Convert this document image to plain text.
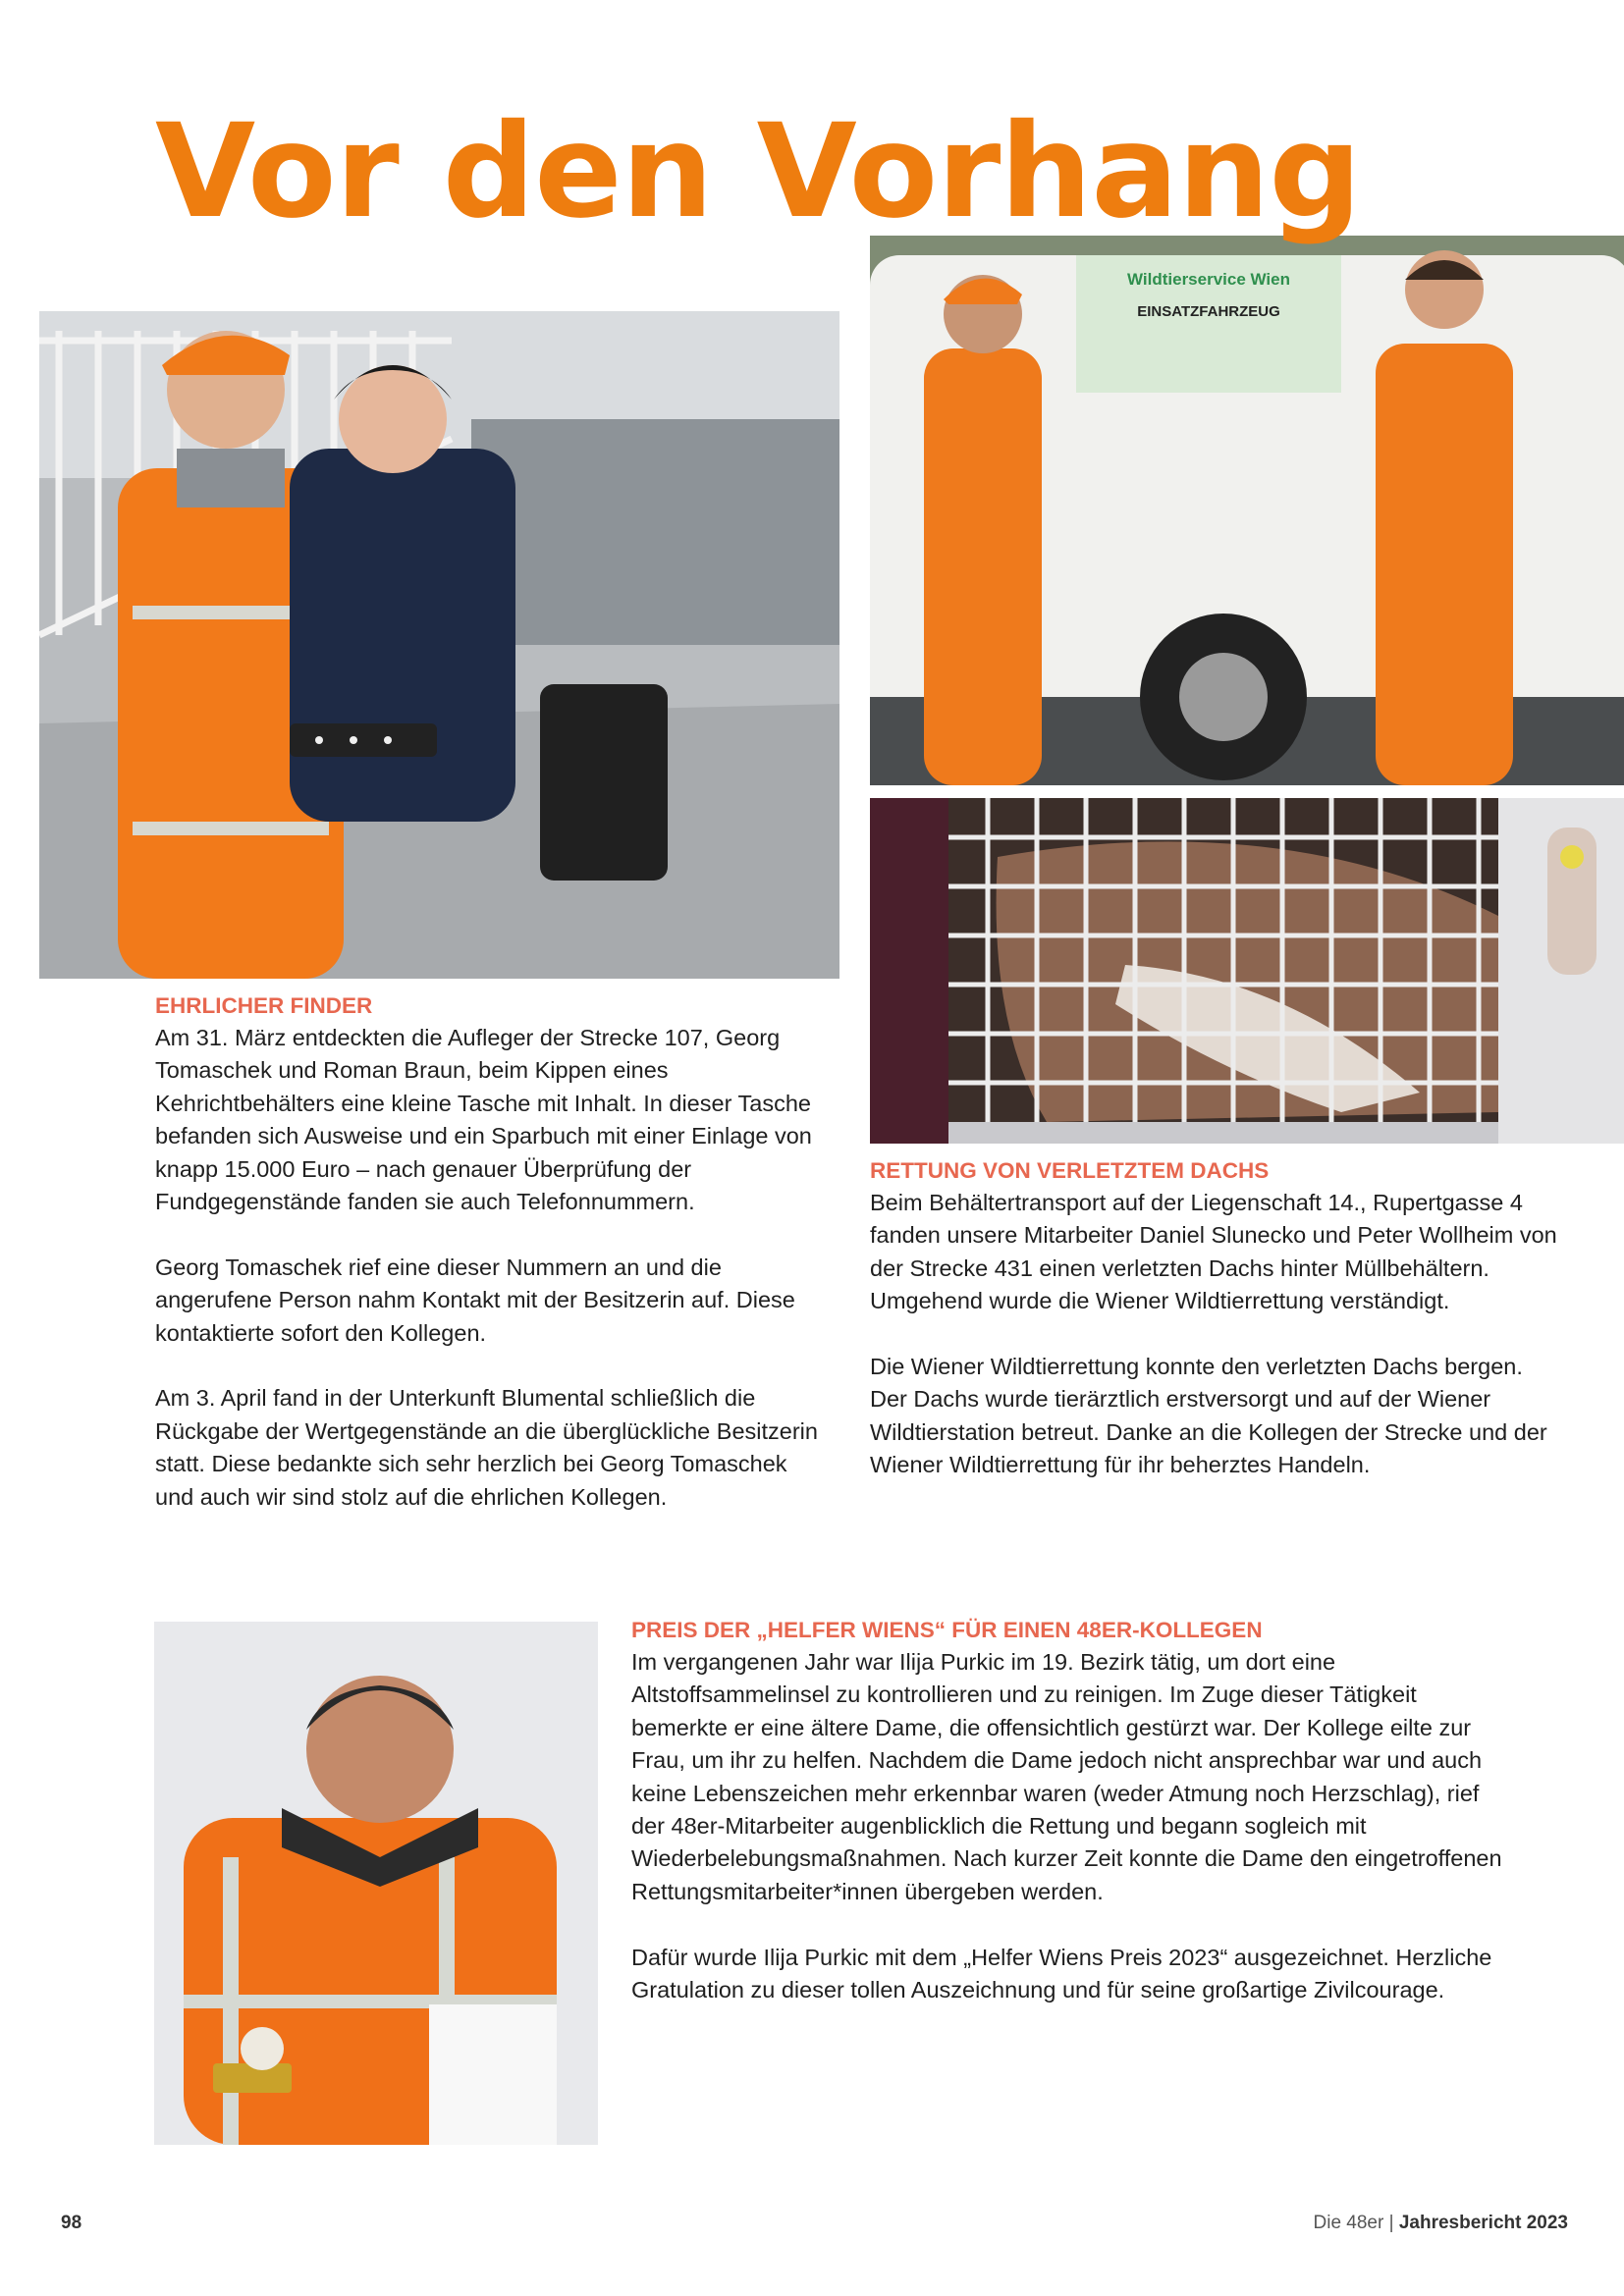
Vor den Vorhang
Wildtierservice Wien
EINSATZFAHRZEUG
EHRLICHER FINDER

Am 31. März entdeckten die Aufleger der Strecke 107, Georg Tomaschek und Roman Braun, beim Kippen eines Kehrichtbehälters eine kleine Tasche mit Inhalt. In dieser Tasche befanden sich Ausweise und ein Sparbuch mit einer Einlage von knapp 15.000 Euro – nach genauer Überprüfung der Fundgegenstände fanden sie auch Telefonnummern.

Georg Tomaschek rief eine dieser Nummern an und die angerufene Person nahm Kontakt mit der Besitzerin auf. Diese kontaktierte sofort den Kollegen.

Am 3. April fand in der Unterkunft Blumental schließlich die Rückgabe der Wertgegenstände an die überglückliche Besitzerin statt. Diese bedankte sich sehr herzlich bei Georg Tomaschek und auch wir sind stolz auf die ehrlichen Kollegen.

RETTUNG VON VERLETZTEM DACHS

Beim Behältertransport auf der Liegenschaft 14., Rupertgasse 4 fanden unsere Mitarbeiter Daniel Slunecko und Peter Wollheim von der Strecke 431 einen verletzten Dachs hinter Müllbehältern. Umgehend wurde die Wiener Wildtierrettung verständigt.

Die Wiener Wildtierrettung konnte den verletzten Dachs bergen. Der Dachs wurde tierärztlich erstversorgt und auf der Wiener Wildtierstation betreut. Danke an die Kollegen der Strecke und der Wiener Wildtierrettung für ihr beherztes Handeln.

PREIS DER „HELFER WIENS“ FÜR EINEN 48ER-KOLLEGEN

Im vergangenen Jahr war Ilija Purkic im 19. Bezirk tätig, um dort eine Altstoffsammelinsel zu kontrollieren und zu reinigen. Im Zuge dieser Tätigkeit bemerkte er eine ältere Dame, die offensichtlich gestürzt war. Der Kollege eilte zur Frau, um ihr zu helfen. Nachdem die Dame jedoch nicht ansprechbar war und auch keine Lebenszeichen mehr erkennbar waren (weder Atmung noch Herzschlag), rief der 48er-Mitarbeiter augenblicklich die Rettung und begann sogleich mit Wiederbelebungsmaßnahmen. Nach kurzer Zeit konnte die Dame den eingetroffenen Rettungsmitarbeiter*innen übergeben werden.

Dafür wurde Ilija Purkic mit dem „Helfer Wiens Preis 2023“ ausgezeichnet. Herzliche Gratulation zu dieser tollen Auszeichnung und für seine großartige Zivilcourage.

98	Die 48er | Jahresbericht 2023
